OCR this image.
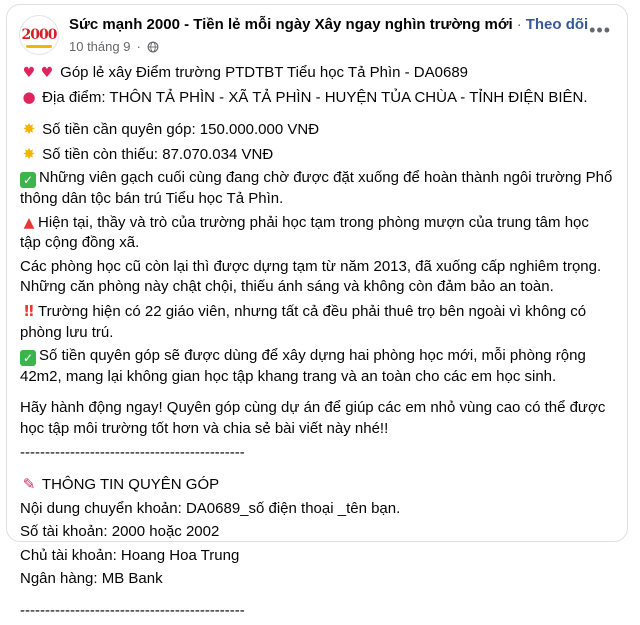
2000
Sức mạnh 2000 - Tiền lẻ mỗi ngày Xây ngay nghìn trường mới · Theo dõi
10 tháng 9 ·
•••
♥ ♥ Góp lẻ xây Điểm trường PTDTBT Tiểu học Tả Phìn - DA0689
● Địa điểm: THÔN TẢ PHÌN - XÃ TẢ PHÌN - HUYỆN TỦA CHÙA - TỈNH ĐIỆN BIÊN.
✸ Số tiền cần quyên góp: 150.000.000 VNĐ
✸ Số tiền còn thiếu: 87.070.034 VNĐ
✓ Những viên gạch cuối cùng đang chờ được đặt xuống để hoàn thành ngôi trường Phổ thông dân tộc bán trú Tiểu học Tả Phìn.
▲ Hiện tại, thầy và trò của trường phải học tạm trong phòng mượn của trung tâm học tập cộng đồng xã.
Các phòng học cũ còn lại thì được dựng tạm từ năm 2013, đã xuống cấp nghiêm trọng. Những căn phòng này chật chội, thiếu ánh sáng và không còn đảm bảo an toàn.
‼ Trường hiện có 22 giáo viên, nhưng tất cả đều phải thuê trọ bên ngoài vì không có phòng lưu trú.
✓ Số tiền quyên góp sẽ được dùng để xây dựng hai phòng học mới, mỗi phòng rộng 42m2, mang lại không gian học tập khang trang và an toàn cho các em học sinh.
Hãy hành động ngay! Quyên góp cùng dự án để giúp các em nhỏ vùng cao có thể được học tập môi trường tốt hơn và chia sẻ bài viết này nhé!!
---------------------------------------------
✎ THÔNG TIN QUYÊN GÓP
Nội dung chuyển khoản: DA0689_số điện thoại _tên bạn.
Số tài khoản: 2000 hoặc 2002
Chủ tài khoản: Hoang Hoa Trung
Ngân hàng: MB Bank
---------------------------------------------
